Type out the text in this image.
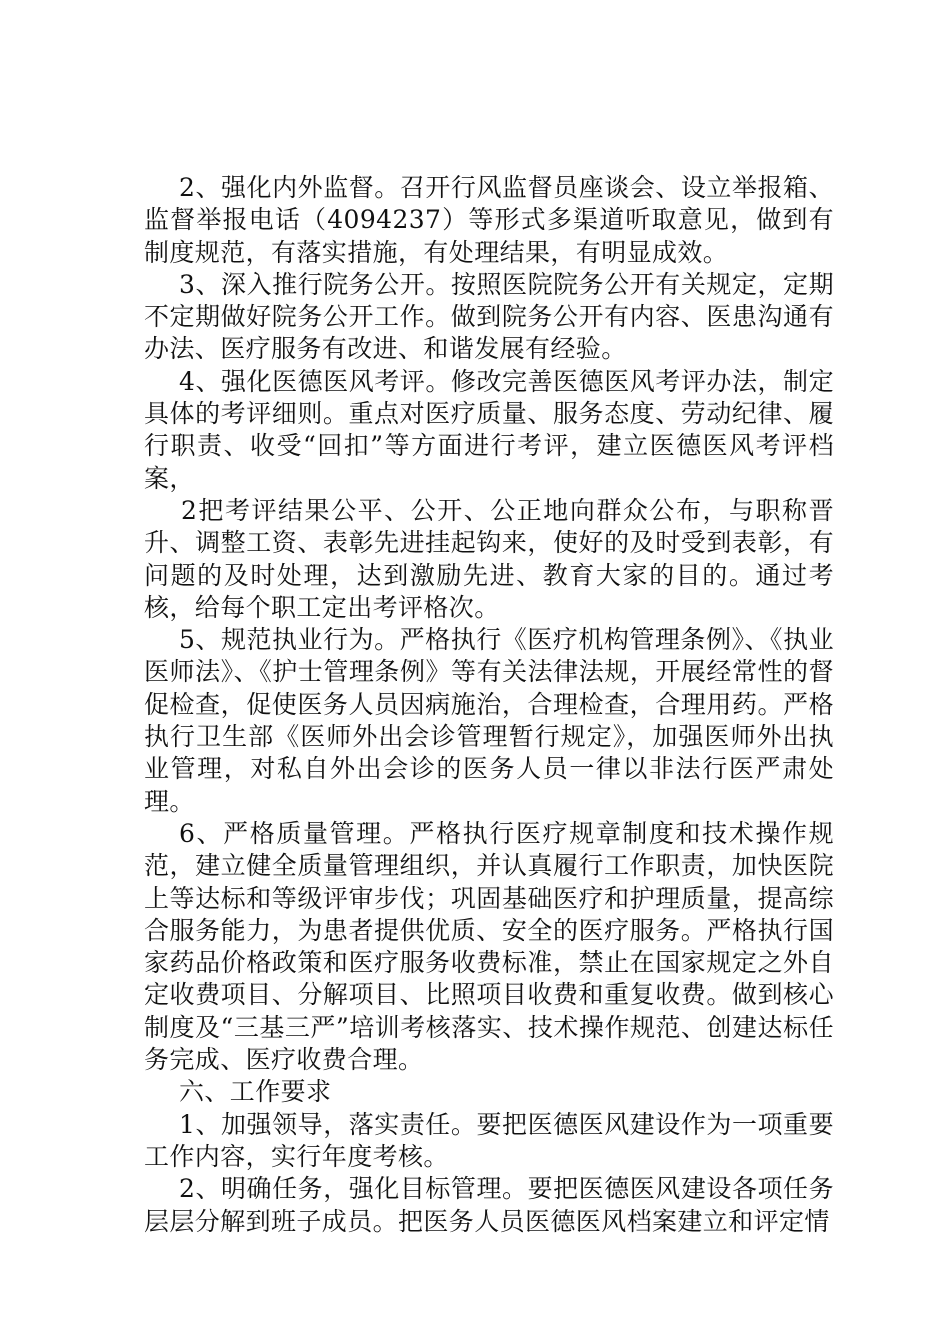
2、强化内外监督。召开行风监督员座谈会、设立举报箱、监督举报电话（4094237）等形式多渠道听取意见，做到有制度规范，有落实措施，有处理结果，有明显成效。

3、深入推行院务公开。按照医院院务公开有关规定，定期不定期做好院务公开工作。做到院务公开有内容、医患沟通有办法、医疗服务有改进、和谐发展有经验。

4、强化医德医风考评。修改完善医德医风考评办法，制定具体的考评细则。重点对医疗质量、服务态度、劳动纪律、履行职责、收受“回扣”等方面进行考评，建立医德医风考评档案，

2把考评结果公平、公开、公正地向群众公布，与职称晋升、调整工资、表彰先进挂起钩来，使好的及时受到表彰，有问题的及时处理，达到激励先进、教育大家的目的。通过考核，给每个职工定出考评格次。

5、规范执业行为。严格执行《医疗机构管理条例》、《执业医师法》、《护士管理条例》等有关法律法规，开展经常性的督促检查，促使医务人员因病施治，合理检查，合理用药。严格执行卫生部《医师外出会诊管理暂行规定》，加强医师外出执业管理，对私自外出会诊的医务人员一律以非法行医严肃处理。

6、严格质量管理。严格执行医疗规章制度和技术操作规范，建立健全质量管理组织，并认真履行工作职责，加快医院上等达标和等级评审步伐；巩固基础医疗和护理质量，提高综合服务能力，为患者提供优质、安全的医疗服务。严格执行国家药品价格政策和医疗服务收费标准，禁止在国家规定之外自定收费项目、分解项目、比照项目收费和重复收费。做到核心制度及“三基三严”培训考核落实、技术操作规范、创建达标任务完成、医疗收费合理。

六、工作要求

1、加强领导，落实责任。要把医德医风建设作为一项重要工作内容，实行年度考核。

2、明确任务，强化目标管理。要把医德医风建设各项任务层层分解到班子成员。把医务人员医德医风档案建立和评定情
